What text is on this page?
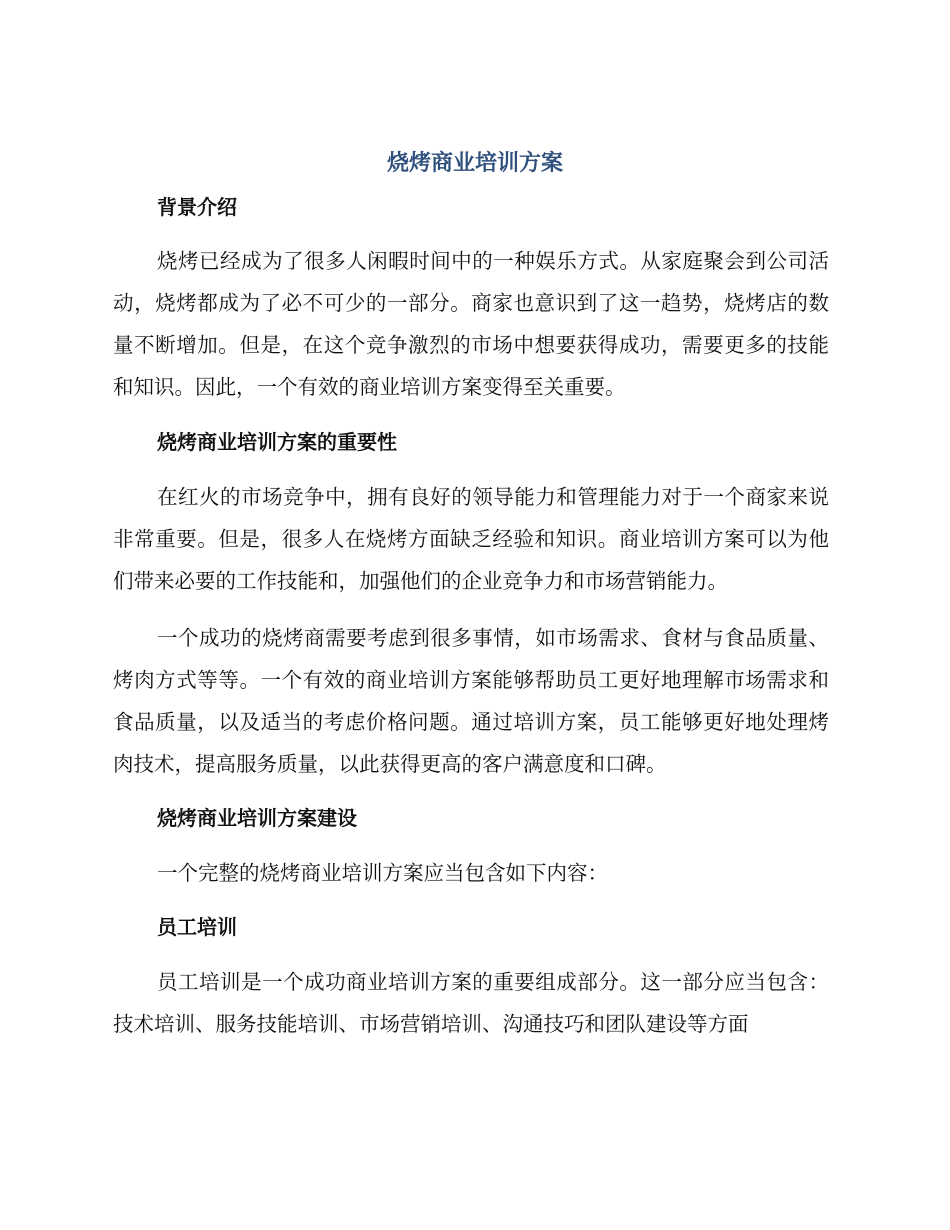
烧烤商业培训方案
背景介绍

烧烤已经成为了很多人闲暇时间中的一种娱乐方式。从家庭聚会到公司活动，烧烤都成为了必不可少的一部分。商家也意识到了这一趋势，烧烤店的数量不断增加。但是，在这个竞争激烈的市场中想要获得成功，需要更多的技能和知识。因此，一个有效的商业培训方案变得至关重要。

烧烤商业培训方案的重要性

在红火的市场竞争中，拥有良好的领导能力和管理能力对于一个商家来说非常重要。但是，很多人在烧烤方面缺乏经验和知识。商业培训方案可以为他们带来必要的工作技能和，加强他们的企业竞争力和市场营销能力。

一个成功的烧烤商需要考虑到很多事情，如市场需求、食材与食品质量、烤肉方式等等。一个有效的商业培训方案能够帮助员工更好地理解市场需求和食品质量，以及适当的考虑价格问题。通过培训方案，员工能够更好地处理烤肉技术，提高服务质量，以此获得更高的客户满意度和口碑。

烧烤商业培训方案建设

一个完整的烧烤商业培训方案应当包含如下内容：

员工培训

员工培训是一个成功商业培训方案的重要组成部分。这一部分应当包含：技术培训、服务技能培训、市场营销培训、沟通技巧和团队建设等方面
